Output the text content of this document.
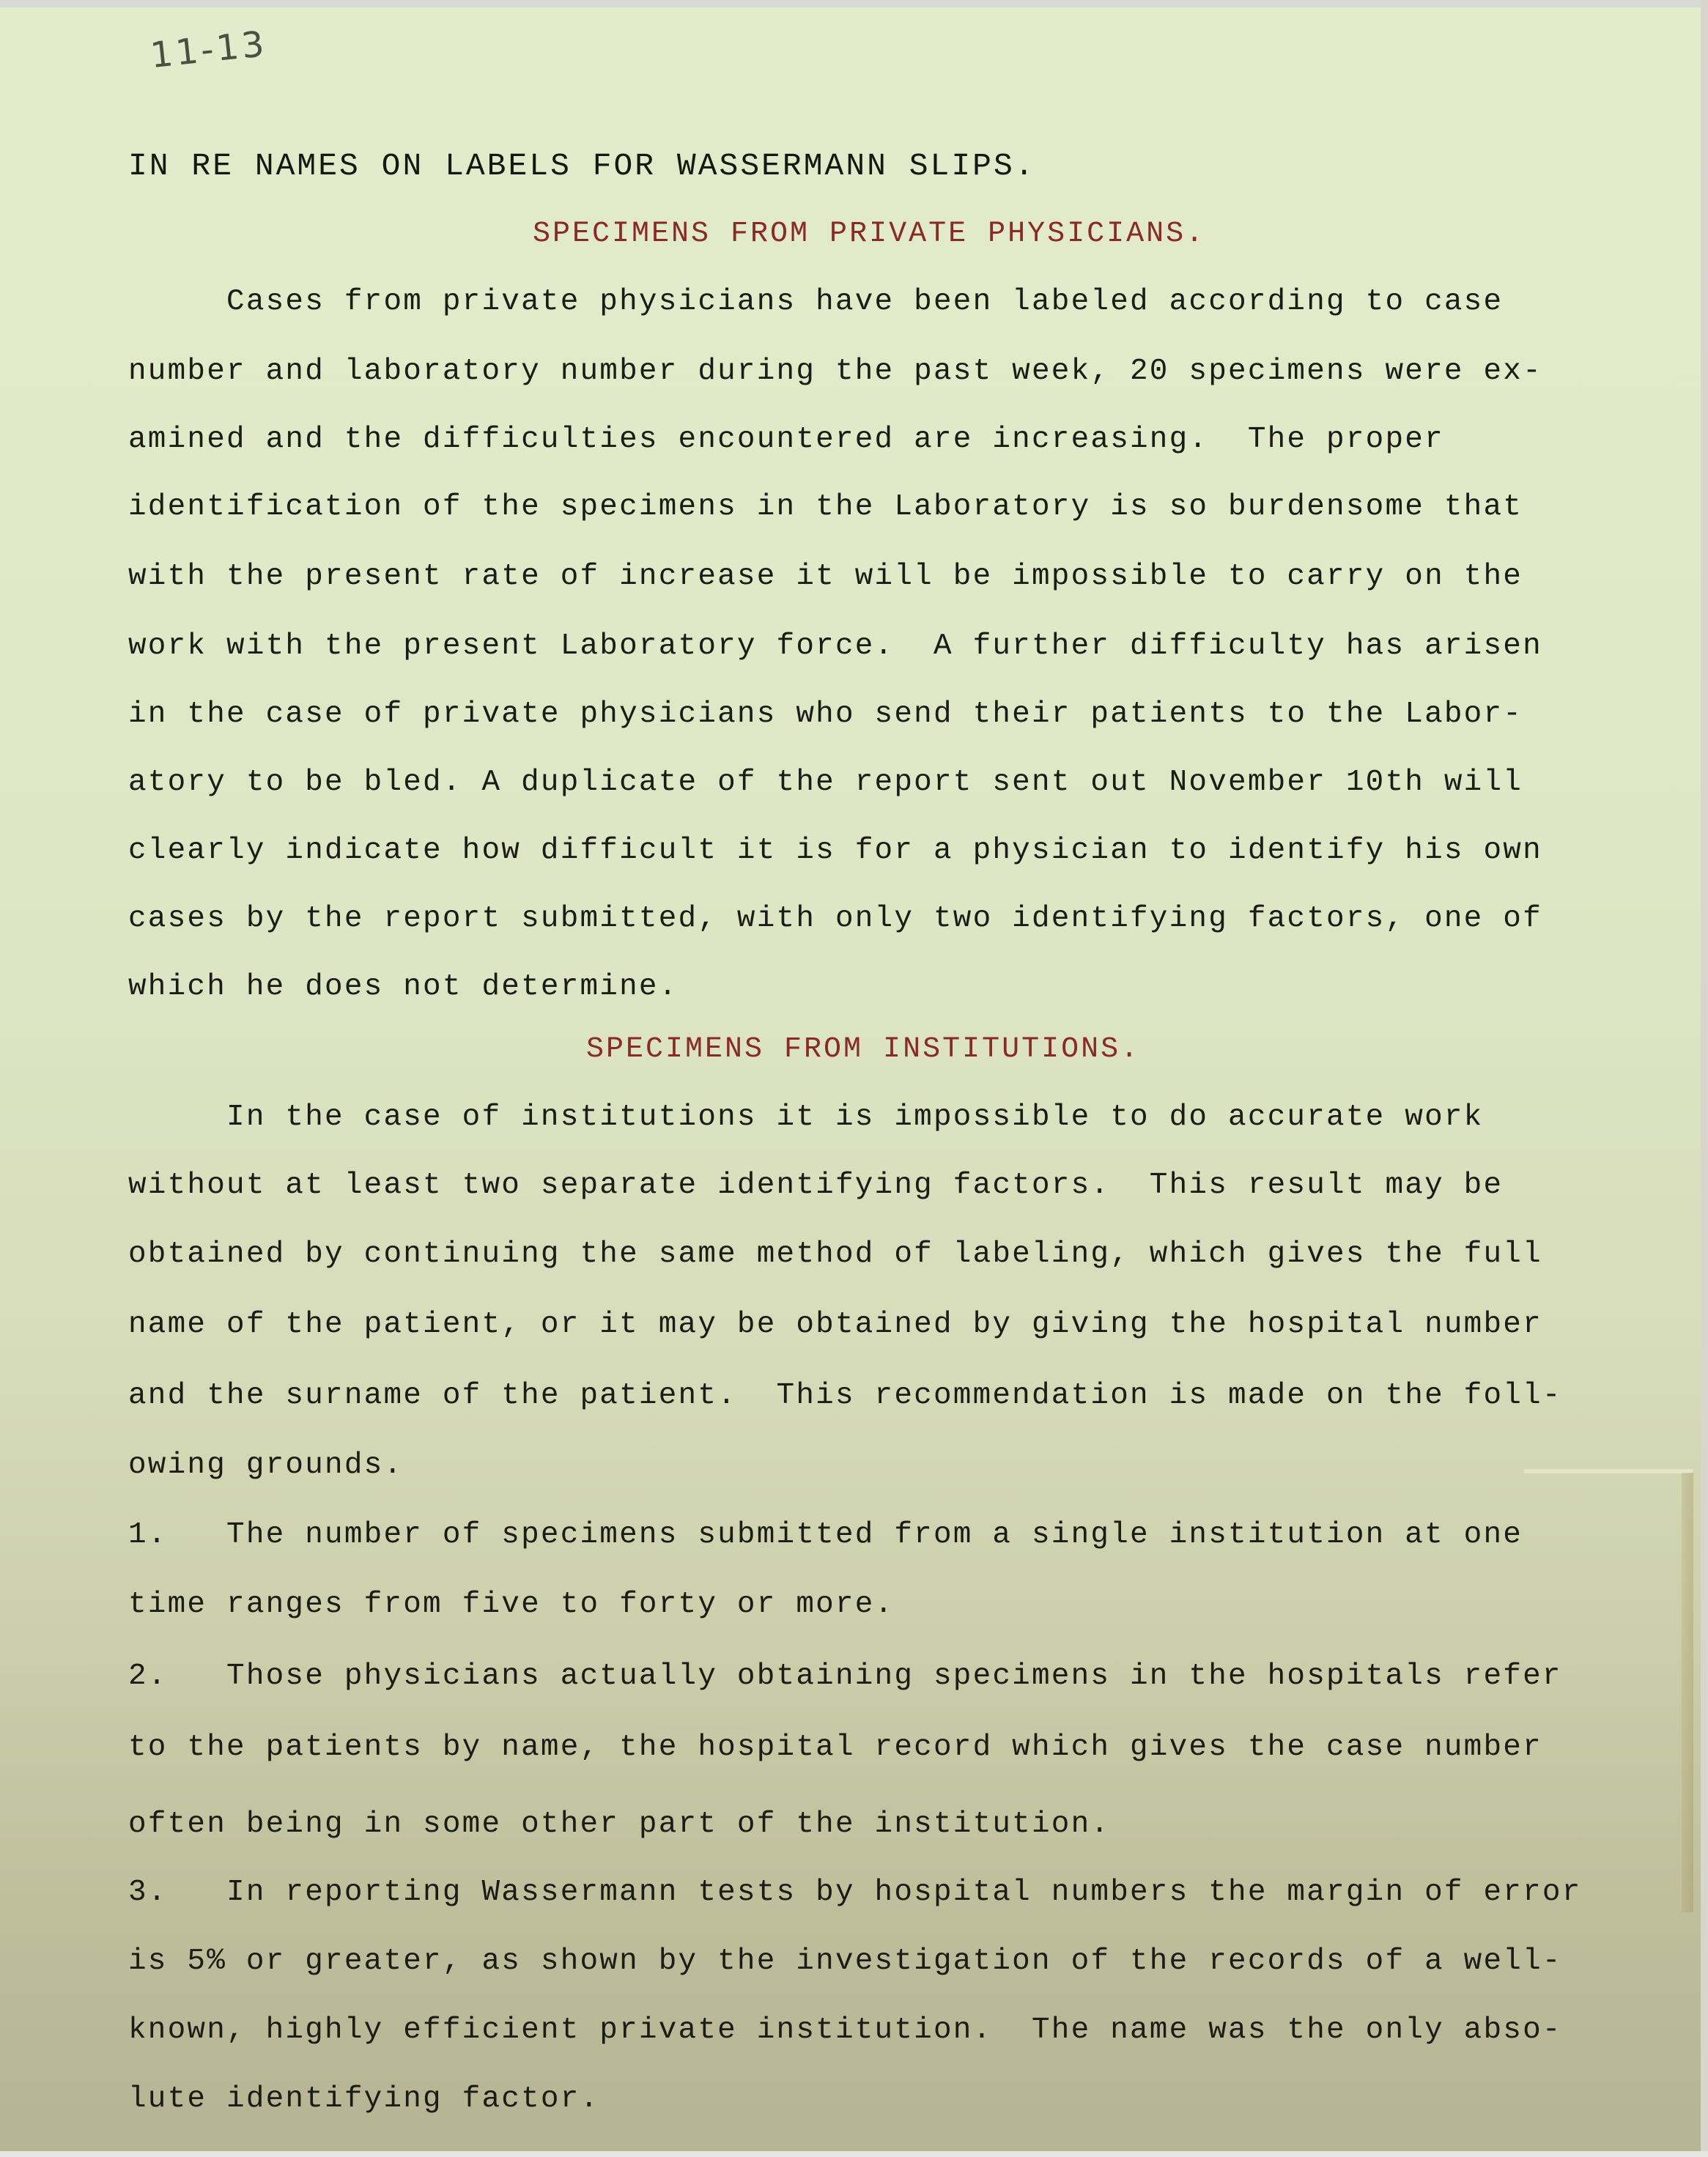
11-13
IN RE NAMES ON LABELS FOR WASSERMANN SLIPS.
SPECIMENS FROM PRIVATE PHYSICIANS.
Cases from private physicians have been labeled according to case
number and laboratory number during the past week, 20 specimens were ex-
amined and the difficulties encountered are increasing.  The proper
identification of the specimens in the Laboratory is so burdensome that
with the present rate of increase it will be impossible to carry on the
work with the present Laboratory force.  A further difficulty has arisen
in the case of private physicians who send their patients to the Labor-
atory to be bled. A duplicate of the report sent out November 10th will
clearly indicate how difficult it is for a physician to identify his own
cases by the report submitted, with only two identifying factors, one of
which he does not determine.
SPECIMENS FROM INSTITUTIONS.
In the case of institutions it is impossible to do accurate work
without at least two separate identifying factors.  This result may be
obtained by continuing the same method of labeling, which gives the full
name of the patient, or it may be obtained by giving the hospital number
and the surname of the patient.  This recommendation is made on the foll-
owing grounds.
1.   The number of specimens submitted from a single institution at one
time ranges from five to forty or more.
2.   Those physicians actually obtaining specimens in the hospitals refer
to the patients by name, the hospital record which gives the case number
often being in some other part of the institution.
3.   In reporting Wassermann tests by hospital numbers the margin of error
is 5% or greater, as shown by the investigation of the records of a well-
known, highly efficient private institution.  The name was the only abso-
lute identifying factor.
